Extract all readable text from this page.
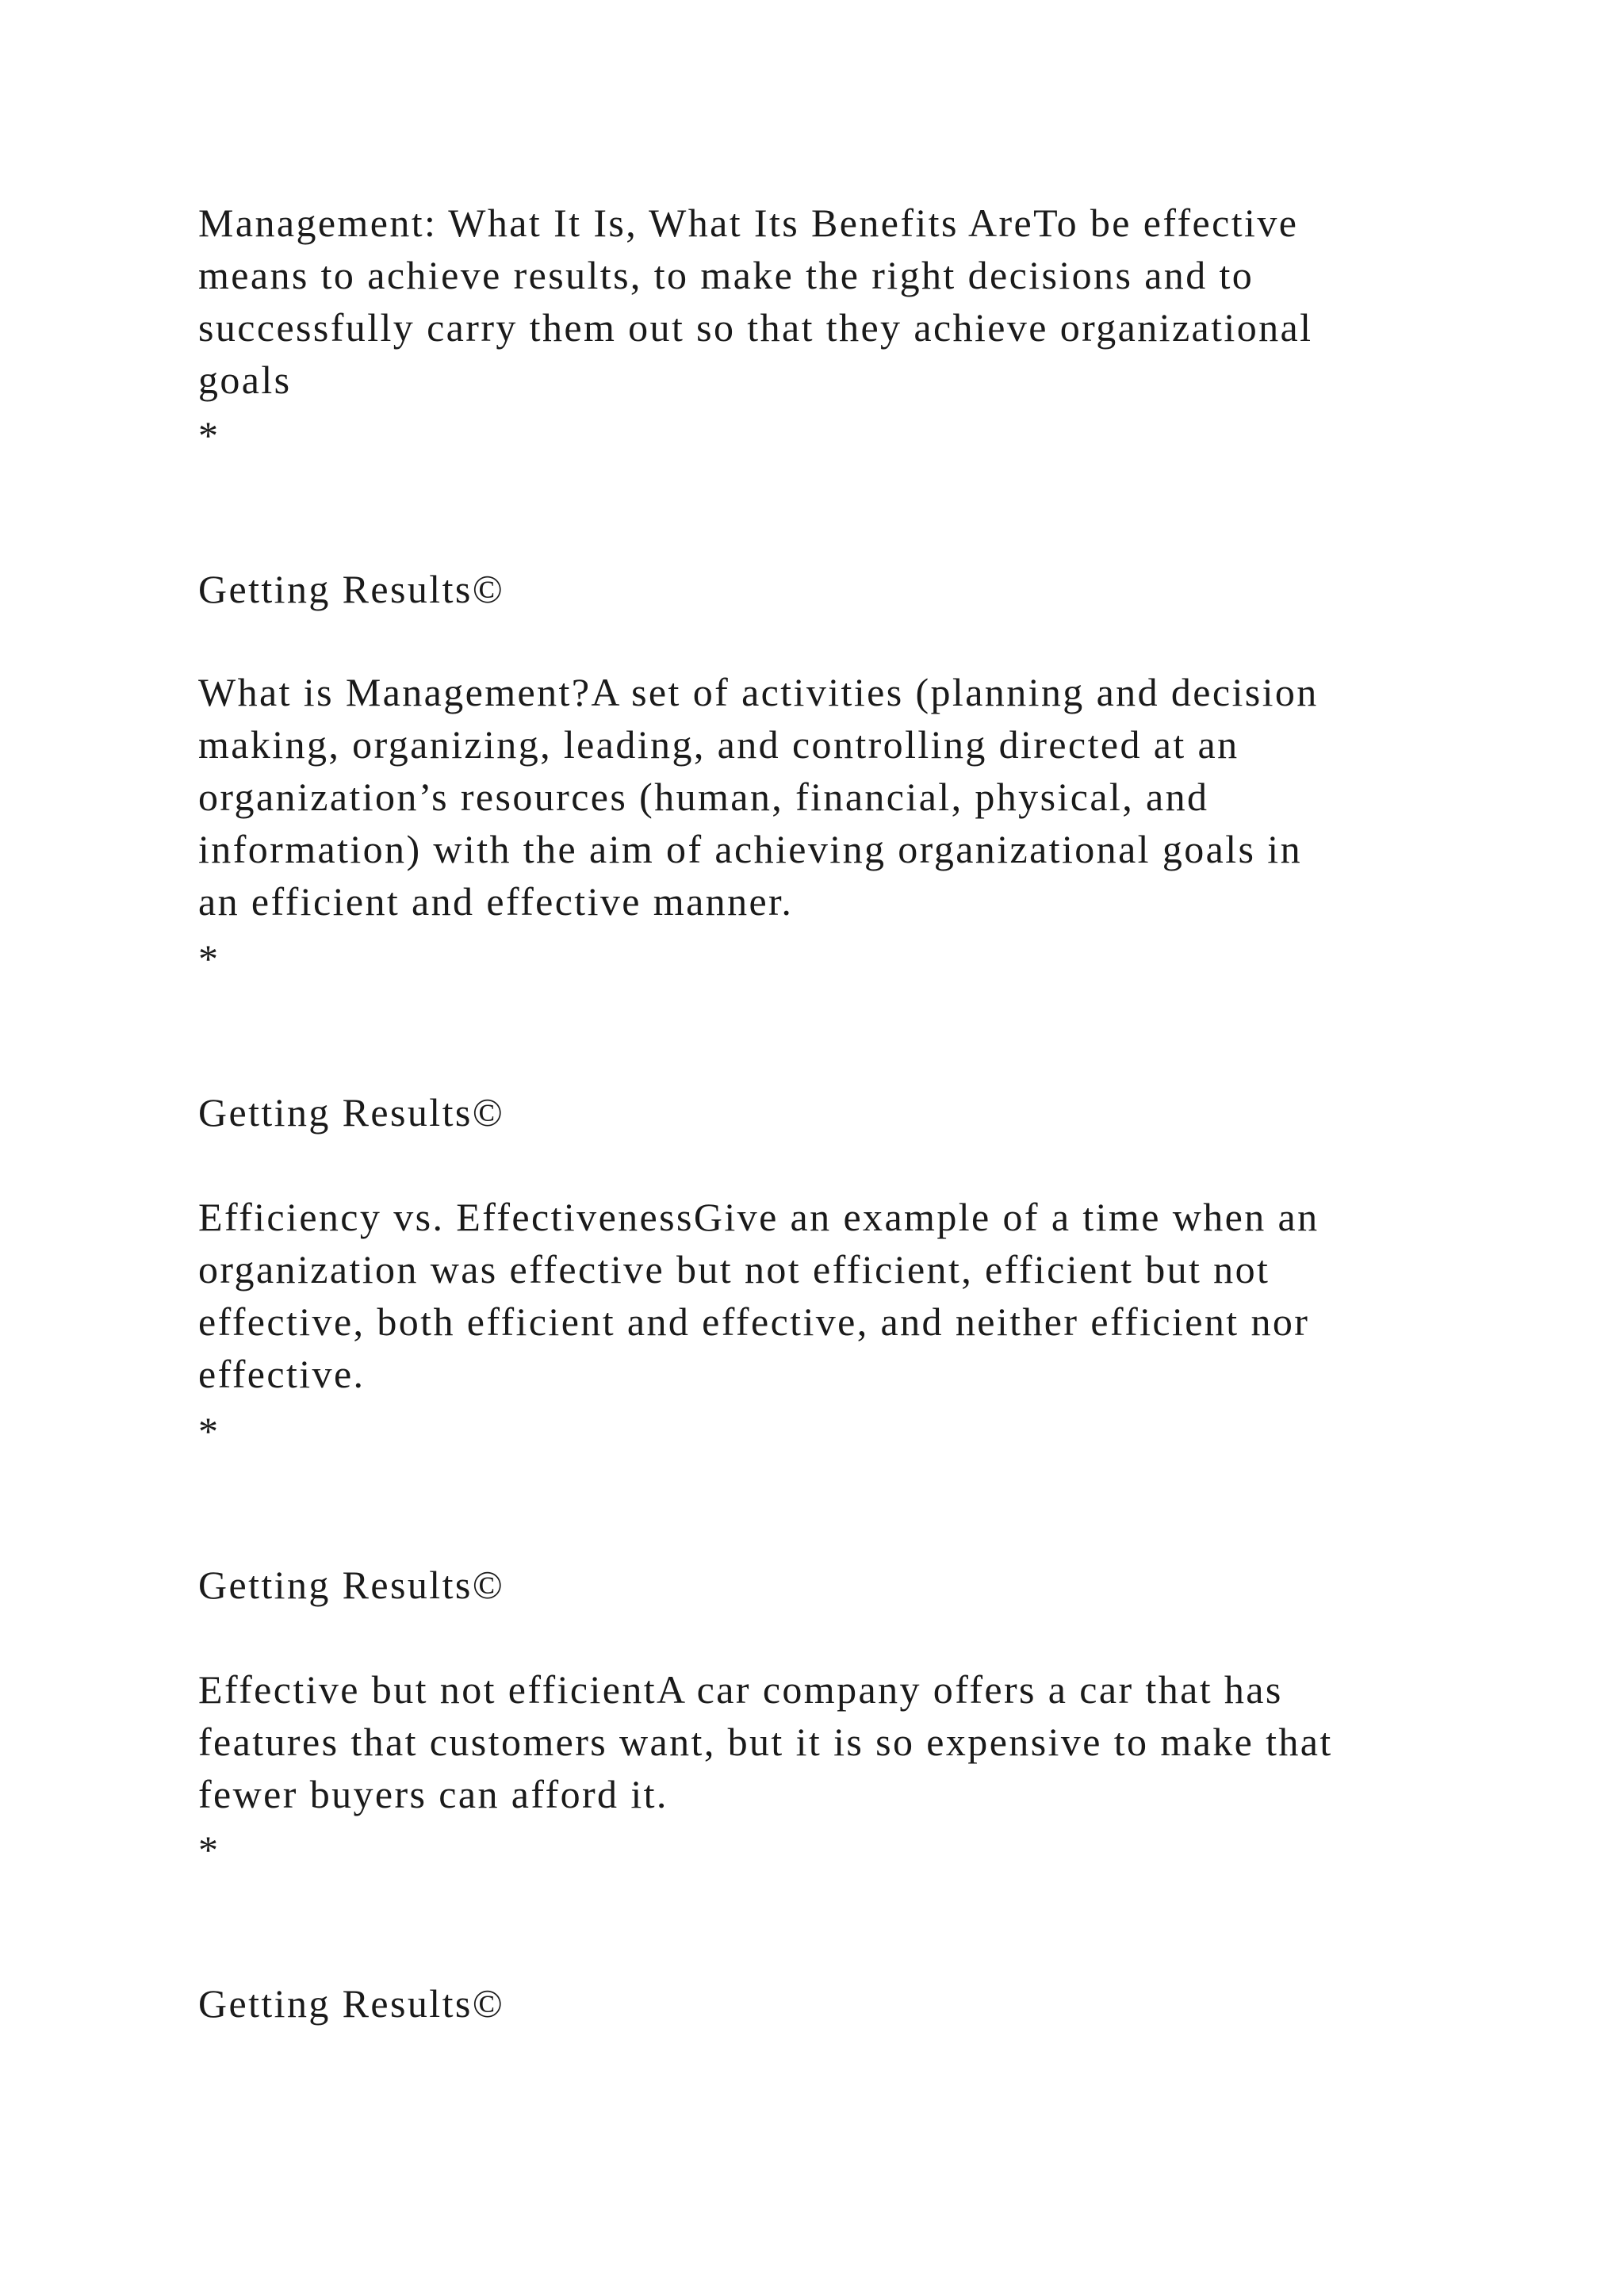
Management: What It Is, What Its Benefits AreTo be effective
means to achieve results, to make the right decisions and to
successfully carry them out so that they achieve organizational
goals
*
Getting Results©
What is Management?A set of activities (planning and decision
making, organizing, leading, and controlling directed at an
organization’s resources (human, financial, physical, and
information) with the aim of achieving organizational goals in
an efficient and effective manner.
*
Getting Results©
Efficiency vs. EffectivenessGive an example of a time when an
organization was effective but not efficient, efficient but not
effective, both efficient and effective, and neither efficient nor
effective.
*
Getting Results©
Effective but not efficientA car company offers a car that has
features that customers want, but it is so expensive to make that
fewer buyers can afford it.
*
Getting Results©
